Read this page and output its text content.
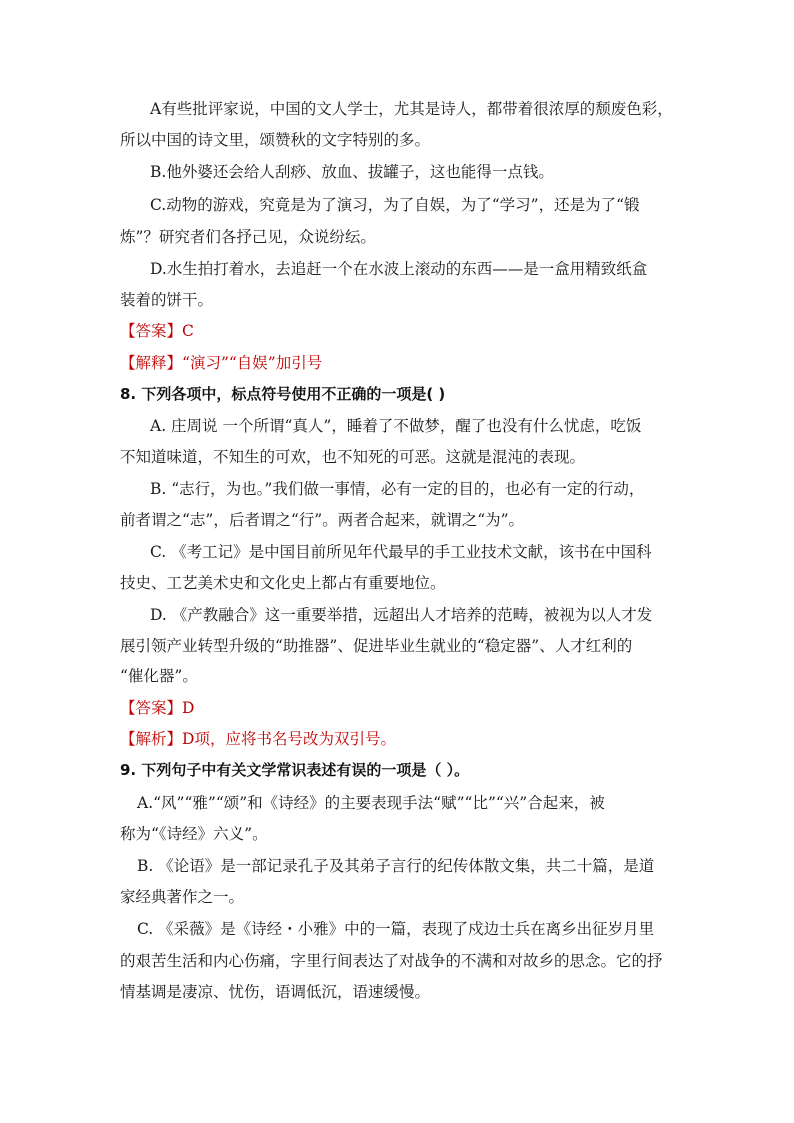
A有些批评家说，中国的文人学士，尤其是诗人，都带着很浓厚的颓废色彩，
所以中国的诗文里，颂赞秋的文字特别的多。
B.他外婆还会给人刮痧、放血、拔罐子，这也能得一点钱。
C.动物的游戏，究竟是为了演习，为了自娱，为了“学习”，还是为了“锻
炼”？研究者们各抒己见，众说纷纭。
D.水生拍打着水，去追赶一个在水波上滚动的东西——是一盒用精致纸盒
装着的饼干。
【答案】C
【解释】“演习”“自娱”加引号
8. 下列各项中，标点符号使用不正确的一项是( )
A. 庄周说 一个所谓“真人”，睡着了不做梦，醒了也没有什么忧虑，吃饭
不知道味道，不知生的可欢，也不知死的可恶。这就是混沌的表现。
B. “志行，为也。”我们做一事情，必有一定的目的，也必有一定的行动，
前者谓之“志”，后者谓之“行”。两者合起来，就谓之“为”。
C. 《考工记》是中国目前所见年代最早的手工业技术文献，该书在中国科
技史、工艺美术史和文化史上都占有重要地位。
D. 《产教融合》这一重要举措，远超出人才培养的范畴，被视为以人才发
展引领产业转型升级的“助推器”、促进毕业生就业的“稳定器”、人才红利的
“催化器”。
【答案】D
【解析】D项，应将书名号改为双引号。
9. 下列句子中有关文学常识表述有误的一项是（ ）。
A.“风”“雅”“颂”和《诗经》的主要表现手法“赋”“比”“兴”合起来，被
称为“《诗经》六义”。
B. 《论语》是一部记录孔子及其弟子言行的纪传体散文集，共二十篇，是道
家经典著作之一。
C. 《采薇》是《诗经・小雅》中的一篇，表现了戍边士兵在离乡出征岁月里
的艰苦生活和内心伤痛，字里行间表达了对战争的不满和对故乡的思念。它的抒
情基调是凄凉、忧伤，语调低沉，语速缓慢。
